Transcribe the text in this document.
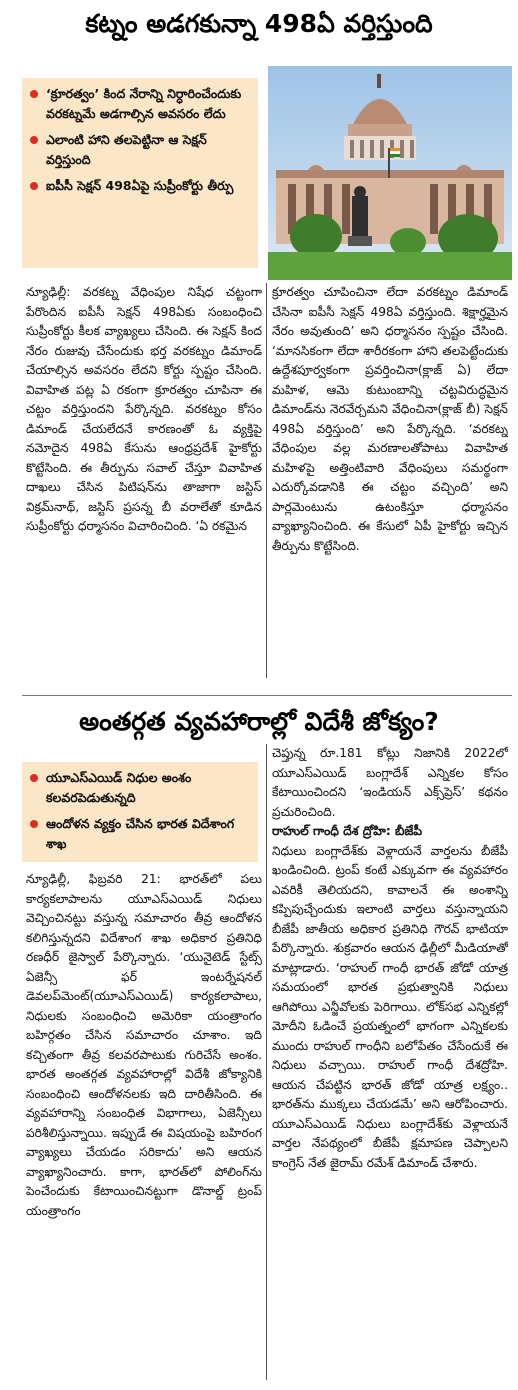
కట్నం అడగకున్నా 498ఏ వర్తిస్తుంది
‘క్రూరత్వం’ కింద నేరాన్ని నిర్ధారించేందుకు వరకట్నమే అడగాల్సిన అవసరం లేదు
ఎలాంటి హాని తలపెట్టినా ఆ సెక్షన్‌ వర్తిస్తుంది
ఐపీసీ సెక్షన్‌ 498ఏపై సుప్రీంకోర్టు తీర్పు
న్యూఢిల్లీ: వరకట్న వేధింపుల నిషేధ చట్టంగా పేరొందిన ఐపీసీ సెక్షన్‌ 498ఏకు సంబంధించి సుప్రీంకోర్టు కీలక వ్యాఖ్యలు చేసింది. ఈ సెక్షన్‌ కింద నేరం రుజువు చేసేందుకు భర్త వరకట్నం డిమాండ్‌ చేయాల్సిన అవసరం లేదని కోర్టు స్పష్టం చేసింది. వివాహిత పట్ల ఏ రకంగా క్రూరత్వం చూపినా ఈ చట్టం వర్తిస్తుందని పేర్కొన్నది. వరకట్నం కోసం డిమాండ్‌ చేయలేదనే కారణంతో ఓ వ్యక్తిపై నమోదైన 498ఏ కేసును ఆంధ్రప్రదేశ్‌ హైకోర్టు కొట్టేసింది. ఈ తీర్పును సవాల్‌ చేస్తూ వివాహిత దాఖలు చేసిన పిటిషన్‌ను తాజాగా జస్టిస్‌ విక్రమ్‌నాథ్‌, జస్టిస్‌ ప్రసన్న బీ వరాలేతో కూడిన సుప్రీంకోర్టు ధర్మాసనం విచారించింది. ‘ఏ రకమైన
క్రూరత్వం చూపించినా లేదా వరకట్నం డిమాండ్‌ చేసినా ఐపీసీ సెక్షన్‌ 498ఏ వర్తిస్తుంది. శిక్షార్హమైన నేరం అవుతుంది’ అని ధర్మాసనం స్పష్టం చేసింది. ‘మానసికంగా లేదా శారీరకంగా హాని తలపెట్టేందుకు ఉద్దేశపూర్వకంగా ప్రవర్తించినా(క్లాజ్‌ ఏ) లేదా మహిళ, ఆమె కుటుంబాన్ని చట్టవిరుద్ధమైన డిమాండ్‌ను నెరవేర్చమని వేధించినా(క్లాజ్‌ బీ) సెక్షన్‌ 498ఏ వర్తిస్తుంది’ అని పేర్కొన్నది. ‘వరకట్న వేధింపుల వల్ల మరణాలతోపాటు వివాహిత మహిళపై అత్తింటివారి వేధింపులు సమర్థంగా ఎదుర్కోవడానికి ఈ చట్టం వచ్చింది’ అని పార్లమెంటును ఉటంకిస్తూ ధర్మాసనం వ్యాఖ్యానించింది. ఈ కేసులో ఏపీ హైకోర్టు ఇచ్చిన తీర్పును కొట్టేసింది.
అంతర్గత వ్యవహారాల్లో విదేశీ జోక్యం?
యూఎస్‌ఎయిడ్‌ నిధుల అంశం కలవరపెడుతున్నది
ఆందోళన వ్యక్తం చేసిన భారత విదేశాంగ శాఖ
న్యూఢిల్లీ, ఫిబ్రవరి 21: భారత్‌లో పలు కార్యకలాపాలను యూఎస్‌ఎయిడ్‌ నిధులు వెచ్చించినట్టు వస్తున్న సమాచారం తీవ్ర ఆందోళన కలిగిస్తున్నదని విదేశాంగ శాఖ అధికార ప్రతినిధి రణధీర్‌ జైస్వాల్‌ పేర్కొన్నారు. ‘యునైటెడ్‌ స్టేట్స్‌ ఏజెన్సీ ఫర్‌ ఇంటర్నేషనల్‌ డెవలప్‌మెంట్‌(యూఎస్‌ఎయిడ్‌) కార్యకలాపాలు, నిధులకు సంబంధించి అమెరికా యంత్రాంగం బహిర్గతం చేసిన సమాచారం చూశాం. ఇది కచ్చితంగా తీవ్ర కలవరపాటుకు గురిచేసే అంశం. భారత అంతర్గత వ్యవహారాల్లో విదేశీ జోక్యానికి సంబంధించి ఆందోళనలకు ఇది దారితీసింది. ఈ వ్యవహారాన్ని సంబంధిత విభాగాలు, ఏజెన్సీలు పరిశీలిస్తున్నాయి. ఇప్పుడే ఈ విషయంపై బహిరంగ వ్యాఖ్యలు చేయడం సరికాదు’ అని ఆయన వ్యాఖ్యానించారు. కాగా, భారత్‌లో పోలింగ్‌ను పెంచేందుకు కేటాయించినట్టుగా డొనాల్డ్‌ ట్రంప్‌ యంత్రాంగం
చెప్తున్న రూ.181 కోట్లు నిజానికి 2022లో యూఎస్‌ఎయిడ్‌ బంగ్లాదేశ్‌ ఎన్నికల కోసం కేటాయించిందని ‘ఇండియన్‌ ఎక్స్‌ప్రెస్‌’ కథనం ప్రచురించింది.
రాహుల్‌ గాంధీ దేశ ద్రోహి: బీజేపీ
నిధులు బంగ్లాదేశ్‌కు వెళ్లాయనే వార్తలను బీజేపీ ఖండించింది. ట్రంప్‌ కంటే ఎక్కువగా ఈ వ్యవహారం ఎవరికీ తెలియదని, కావాలనే ఈ అంశాన్ని కప్పిపుచ్చేందుకు ఇలాంటి వార్తలు వస్తున్నాయని బీజేపీ జాతీయ అధికార ప్రతినిధి గౌరవ్‌ భాటియా పేర్కొన్నారు. శుక్రవారం ఆయన ఢిల్లీలో మీడియాతో మాట్లాడారు. ‘రాహుల్‌ గాంధీ భారత్‌ జోడో యాత్ర సమయంలో భారత ప్రభుత్వానికి నిధులు ఆగిపోయి ఎన్జీవోలకు పెరిగాయి. లోక్‌సభ ఎన్నికల్లో మోదీని ఓడించే ప్రయత్నంలో భాగంగా ఎన్నికలకు ముందు రాహుల్‌ గాంధీని బలోపేతం చేసేందుకే ఈ నిధులు వచ్చాయి. రాహుల్‌ గాంధీ దేశద్రోహి. ఆయన చేపట్టిన భారత్‌ జోడో యాత్ర లక్ష్యం.. భారత్‌ను ముక్కలు చేయడమే’ అని ఆరోపించారు. యూఎస్‌ఎయిడ్‌ నిధులు బంగ్లాదేశ్‌కు వెళ్లాయనే వార్తల నేపథ్యంలో బీజేపీ క్షమాపణ చెప్పాలని కాంగ్రెస్‌ నేత జైరామ్‌ రమేశ్‌ డిమాండ్‌ చేశారు.
